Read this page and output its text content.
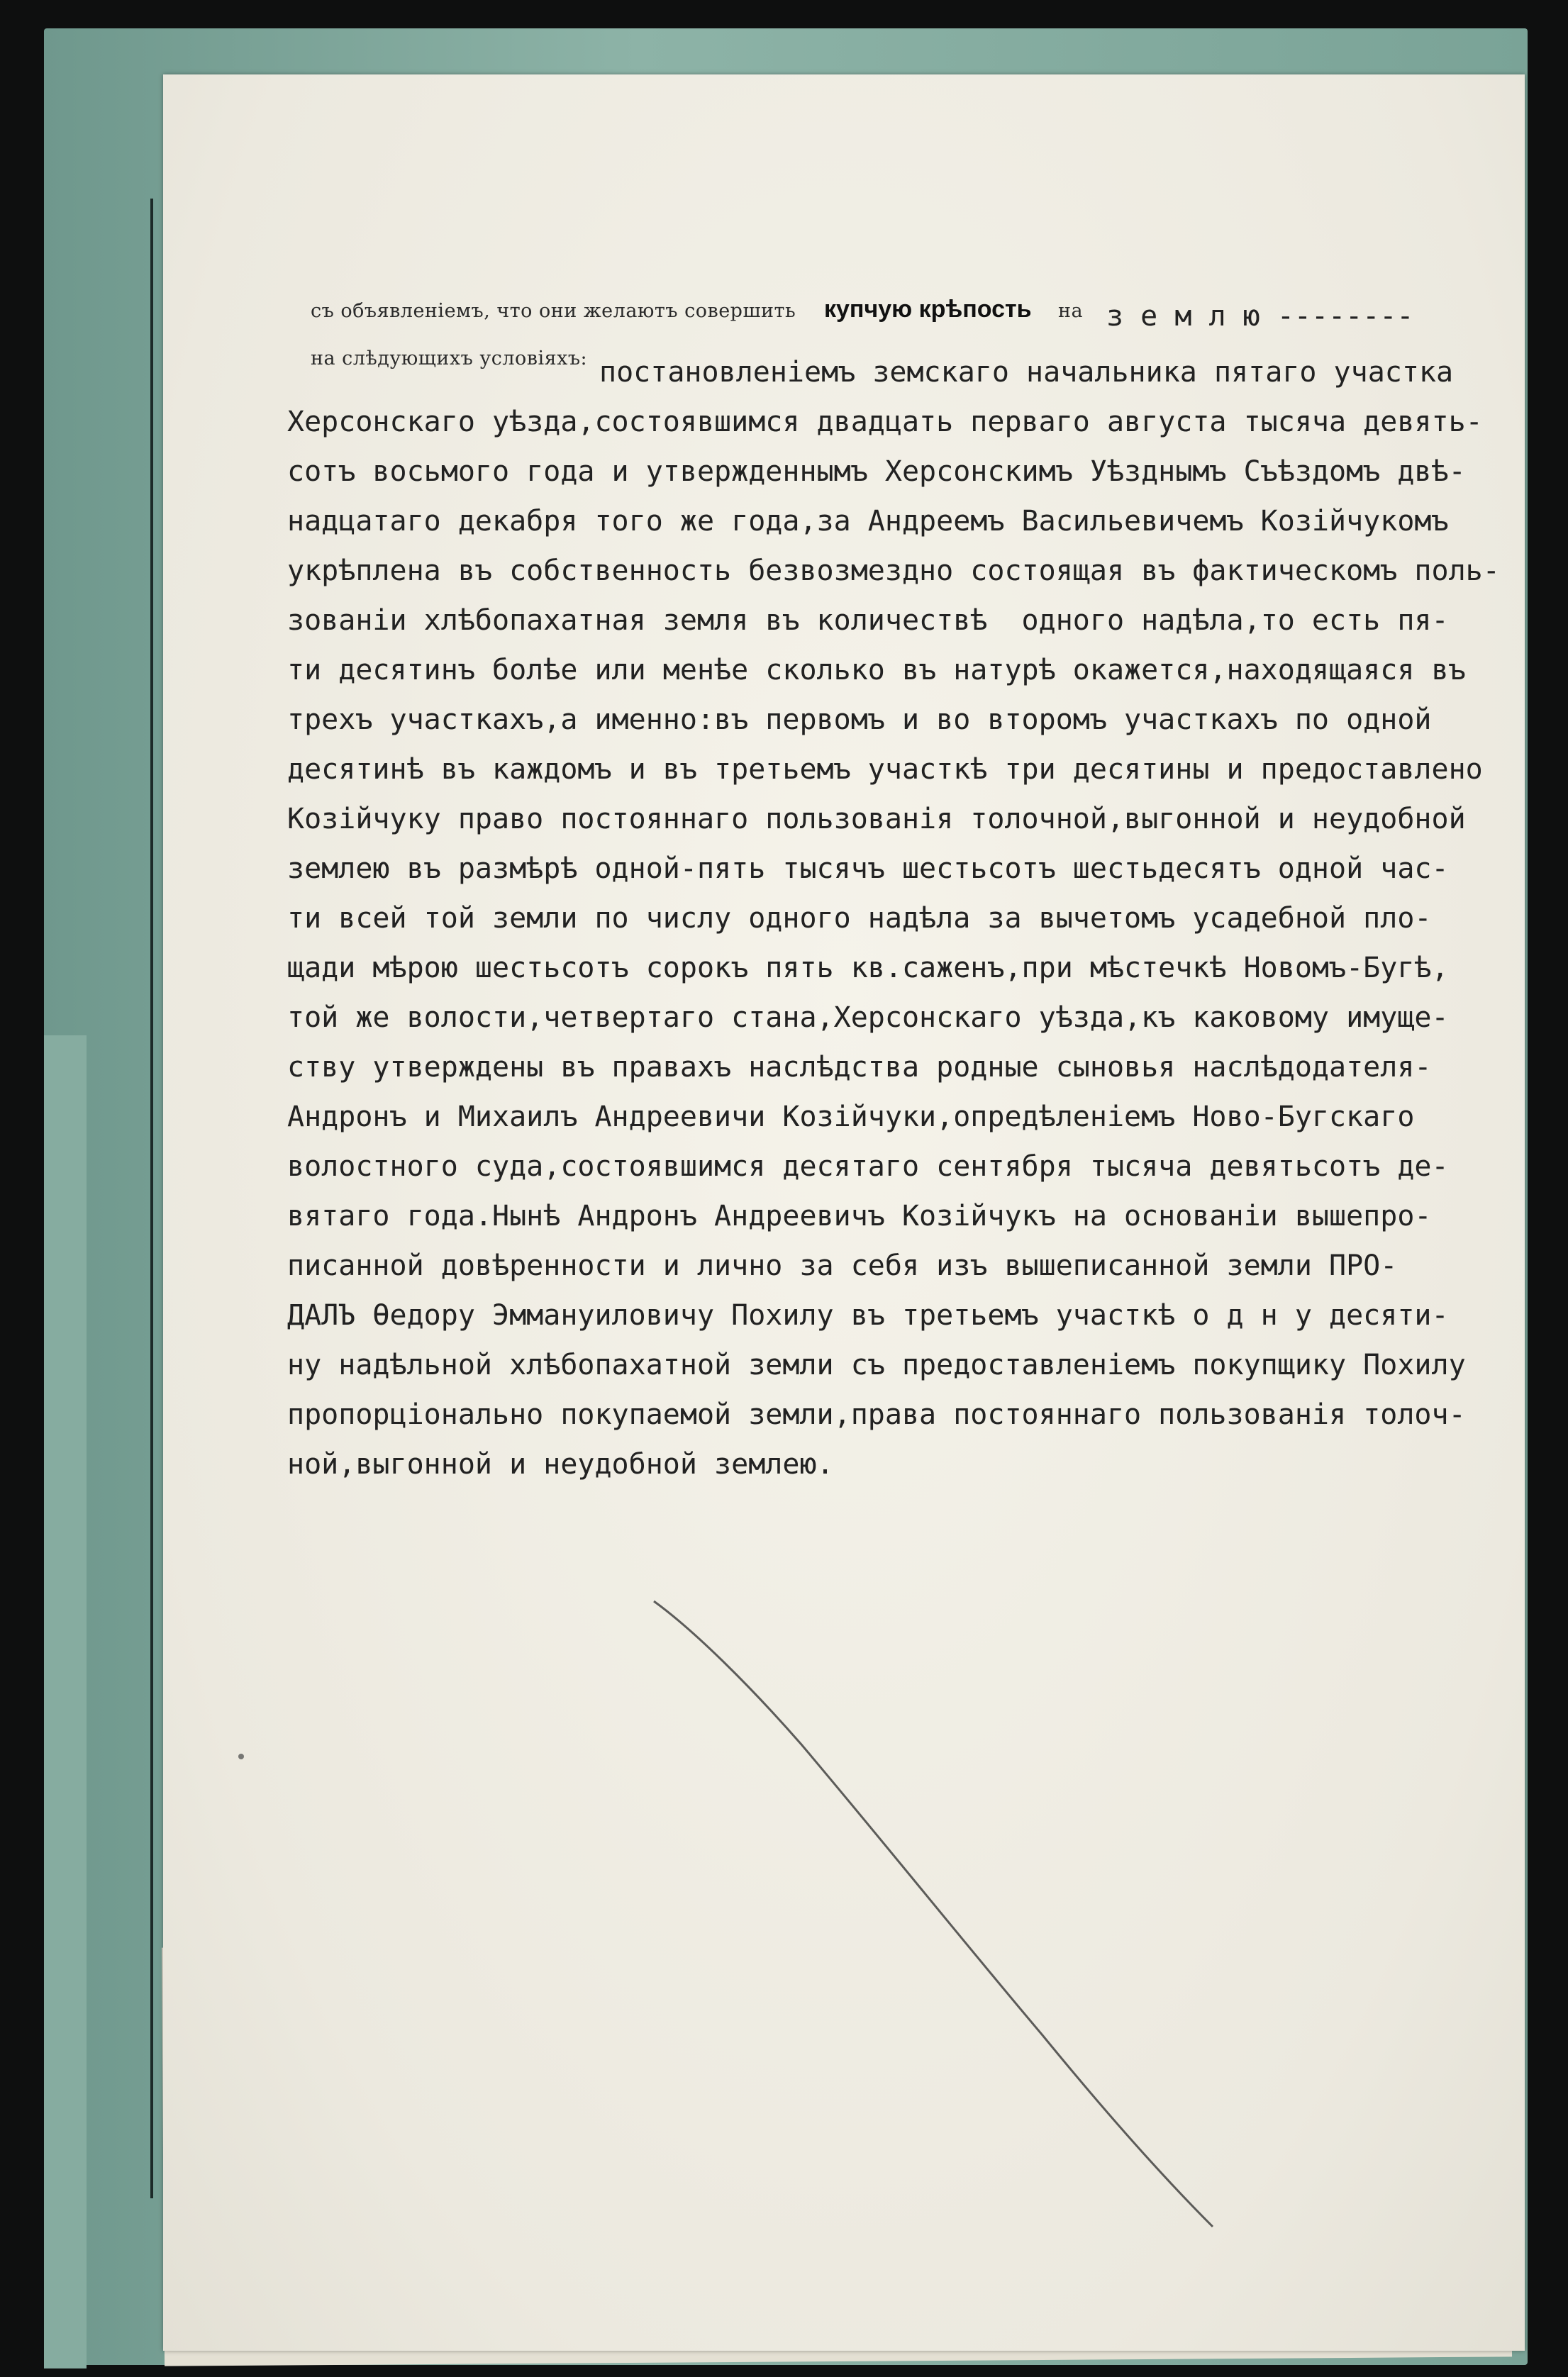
съ объявленіемъ, что они желаютъ совершить купчую крѣпость на з е м л ю --------
на слѣдующихъ условіяхъ: постановленіемъ земскаго начальника пятаго участка
Херсонскаго уѣзда,состоявшимся двадцать перваго августа тысяча девять-
сотъ восьмого года и утвержденнымъ Херсонскимъ Уѣзднымъ Съѣздомъ двѣ-
надцатаго декабря того же года,за Андреемъ Васильевичемъ Козійчукомъ
укрѣплена въ собственность безвозмездно состоящая въ фактическомъ поль-
зованіи хлѣбопахатная земля въ количествѣ  одного надѣла,то есть пя-
ти десятинъ болѣе или менѣе сколько въ натурѣ окажется,находящаяся въ
трехъ участкахъ,а именно:въ первомъ и во второмъ участкахъ по одной
десятинѣ въ каждомъ и въ третьемъ участкѣ три десятины и предоставлено
Козійчуку право постояннаго пользованія толочной,выгонной и неудобной
землею въ размѣрѣ одной-пять тысячъ шестьсотъ шестьдесятъ одной час-
ти всей той земли по числу одного надѣла за вычетомъ усадебной пло-
щади мѣрою шестьсотъ сорокъ пять кв.саженъ,при мѣстечкѣ Новомъ-Бугѣ,
той же волости,четвертаго стана,Херсонскаго уѣзда,къ каковому имуще-
ству утверждены въ правахъ наслѣдства родные сыновья наслѣдодателя-
Андронъ и Михаилъ Андреевичи Козійчуки,опредѣленіемъ Ново-Бугскаго
волостного суда,состоявшимся десятаго сентября тысяча девятьсотъ де-
вятаго года.Нынѣ Андронъ Андреевичъ Козійчукъ на основаніи вышепро-
писанной довѣренности и лично за себя изъ вышеписанной земли ПРО-
ДАЛЪ Ѳедору Эммануиловичу Похилу въ третьемъ участкѣ о д н у десяти-
ну надѣльной хлѣбопахатной земли съ предоставленіемъ покупщику Похилу
пропорціонально покупаемой земли,права постояннаго пользованія толоч-
ной,выгонной и неудобной землею.
